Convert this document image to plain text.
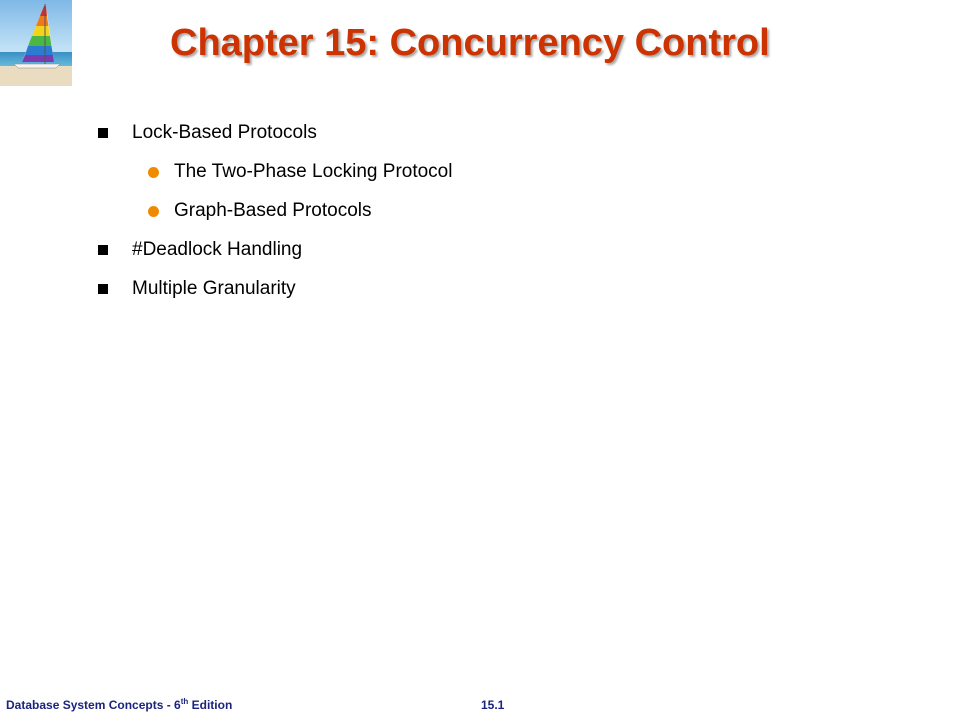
Chapter 15: Concurrency Control
Lock-Based Protocols
The Two-Phase Locking Protocol
Graph-Based Protocols
#Deadlock Handling
Multiple Granularity
Database System Concepts - 6th Edition	15.1
